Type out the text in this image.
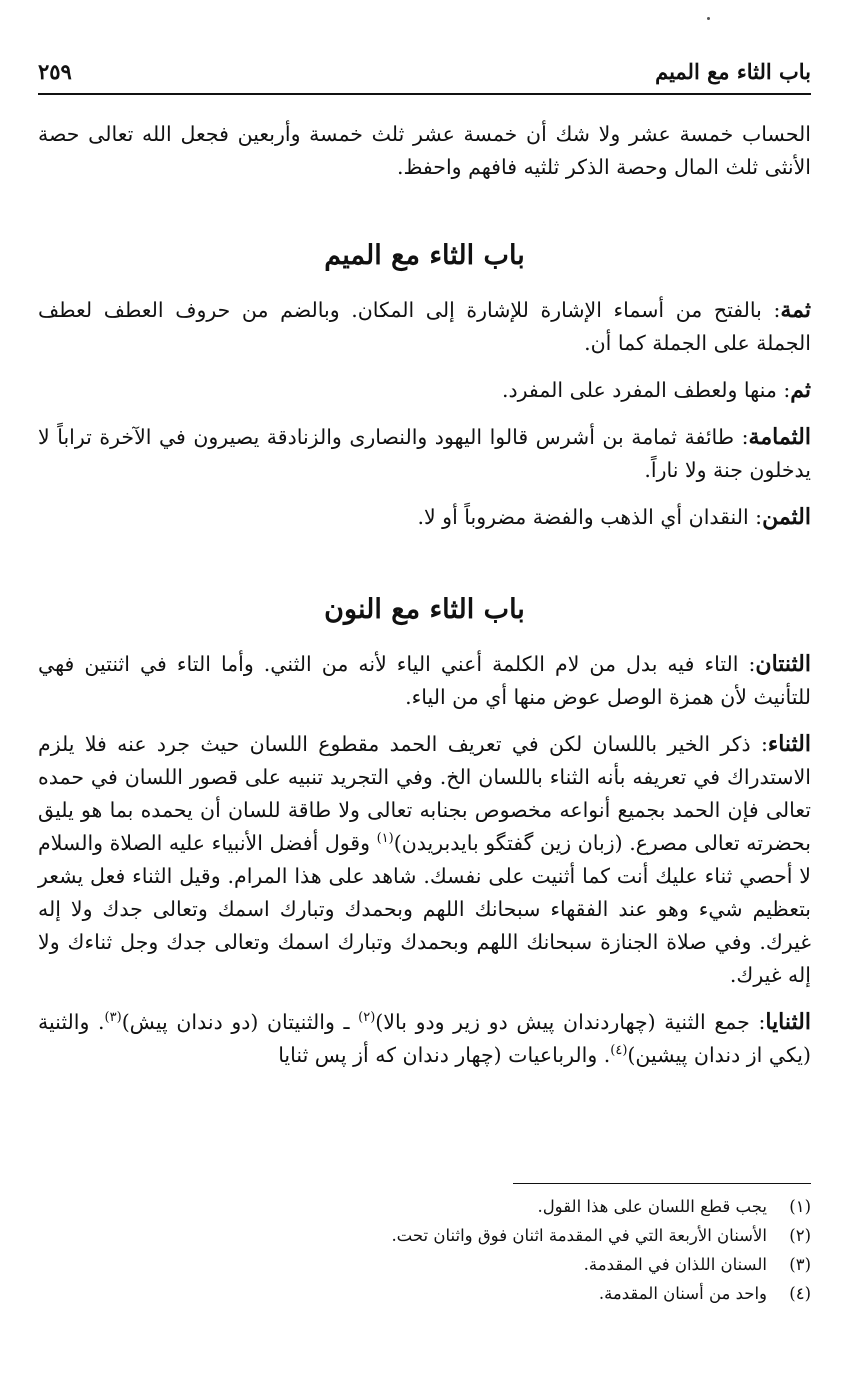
باب الثاء مع الميم
٢٥٩

الحساب خمسة عشر ولا شك أن خمسة عشر ثلث خمسة وأربعين فجعل الله تعالى حصة الأنثى ثلث المال وحصة الذكر ثلثيه فافهم واحفظ.

باب الثاء مع الميم

ثمة: بالفتح من أسماء الإشارة للإشارة إلى المكان. وبالضم من حروف العطف لعطف الجملة على الجملة كما أن.

ثم: منها ولعطف المفرد على المفرد.

الثمامة: طائفة ثمامة بن أشرس قالوا اليهود والنصارى والزنادقة يصيرون في الآخرة تراباً لا يدخلون جنة ولا ناراً.

الثمن: النقدان أي الذهب والفضة مضروباً أو لا.

باب الثاء مع النون

الثنتان: التاء فيه بدل من لام الكلمة أعني الياء لأنه من الثني. وأما التاء في اثنتين فهي للتأنيث لأن همزة الوصل عوض منها أي من الياء.

الثناء: ذكر الخير باللسان لكن في تعريف الحمد مقطوع اللسان حيث جرد عنه فلا يلزم الاستدراك في تعريفه بأنه الثناء باللسان الخ. وفي التجريد تنبيه على قصور اللسان في حمده تعالى فإن الحمد بجميع أنواعه مخصوص بجنابه تعالى ولا طاقة للسان أن يحمده بما هو يليق بحضرته تعالى مصرع. (زبان زين گفتگو بايدبريدن)$^{(١)}$ وقول أفضل الأنبياء عليه الصلاة والسلام لا أحصي ثناء عليك أنت كما أثنيت على نفسك. شاهد على هذا المرام. وقيل الثناء فعل يشعر بتعظيم شيء وهو عند الفقهاء سبحانك اللهم وبحمدك وتبارك اسمك وتعالى جدك ولا إله غيرك. وفي صلاة الجنازة سبحانك اللهم وبحمدك وتبارك اسمك وتعالى جدك وجل ثناءك ولا إله غيرك.

الثنايا: جمع الثنية (چهاردندان پيش دو زير ودو بالا)$^{(٢)}$ ـ والثنيتان (دو دندان پيش)$^{(٣)}$. والثنية (يكي از دندان پيشين)$^{(٤)}$. والرباعيات (چهار دندان كه أز پس ثنايا

(١)
يجب قطع اللسان على هذا القول.
(٢)
الأسنان الأربعة التي في المقدمة اثنان فوق واثنان تحت.
(٣)
السنان اللذان في المقدمة.
(٤)
واحد من أسنان المقدمة.
